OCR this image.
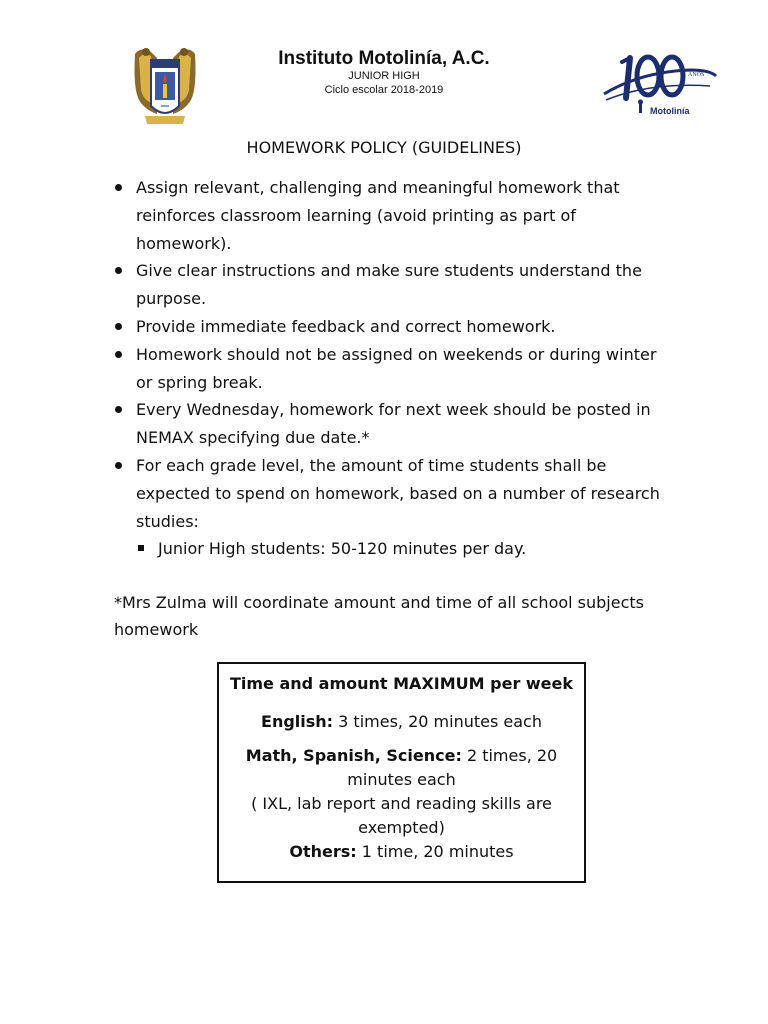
Instituto Motolinía, A.C.
JUNIOR HIGH
Ciclo escolar 2018-2019
AÑOS
Motolinía
HOMEWORK POLICY (GUIDELINES)
Assign relevant, challenging and meaningful homework that reinforces classroom learning (avoid printing as part of homework).
Give clear instructions and make sure students understand the purpose.
Provide immediate feedback and correct homework.
Homework should not be assigned on weekends or during winter or spring break.
Every Wednesday, homework for next week should be posted in NEMAX specifying due date.*
For each grade level, the amount of time students shall be expected to spend on homework, based on a number of research studies:
Junior High students: 50-120 minutes per day.
*Mrs Zulma will coordinate amount and time of all school subjects homework
Time and amount MAXIMUM per week
English: 3 times, 20 minutes each
Math, Spanish, Science: 2 times, 20 minutes each
( IXL, lab report and reading skills are exempted)
Others: 1 time, 20 minutes
